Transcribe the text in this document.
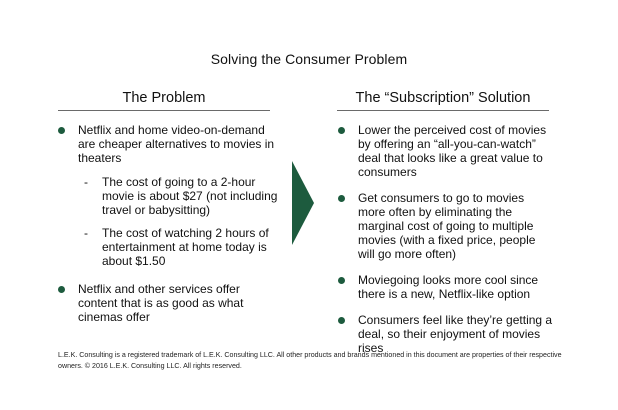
Solving the Consumer Problem
The Problem	The “Subscription” Solution
Netflix and home video-on-demand are cheaper alternatives to movies in theaters
- The cost of going to a 2-hour movie is about $27 (not including travel or babysitting)
- The cost of watching 2 hours of entertainment at home today is about $1.50
Netflix and other services offer content that is as good as what cinemas offer
Lower the perceived cost of movies by offering an “all-you-can-watch” deal that looks like a great value to consumers
Get consumers to go to movies more often by eliminating the marginal cost of going to multiple movies (with a fixed price, people will go more often)
Moviegoing looks more cool since there is a new, Netflix-like option
Consumers feel like they’re getting a deal, so their enjoyment of movies rises
L.E.K. Consulting is a registered trademark of L.E.K. Consulting LLC. All other products and brands mentioned in this document are properties of their respective owners. © 2016 L.E.K. Consulting LLC. All rights reserved.
